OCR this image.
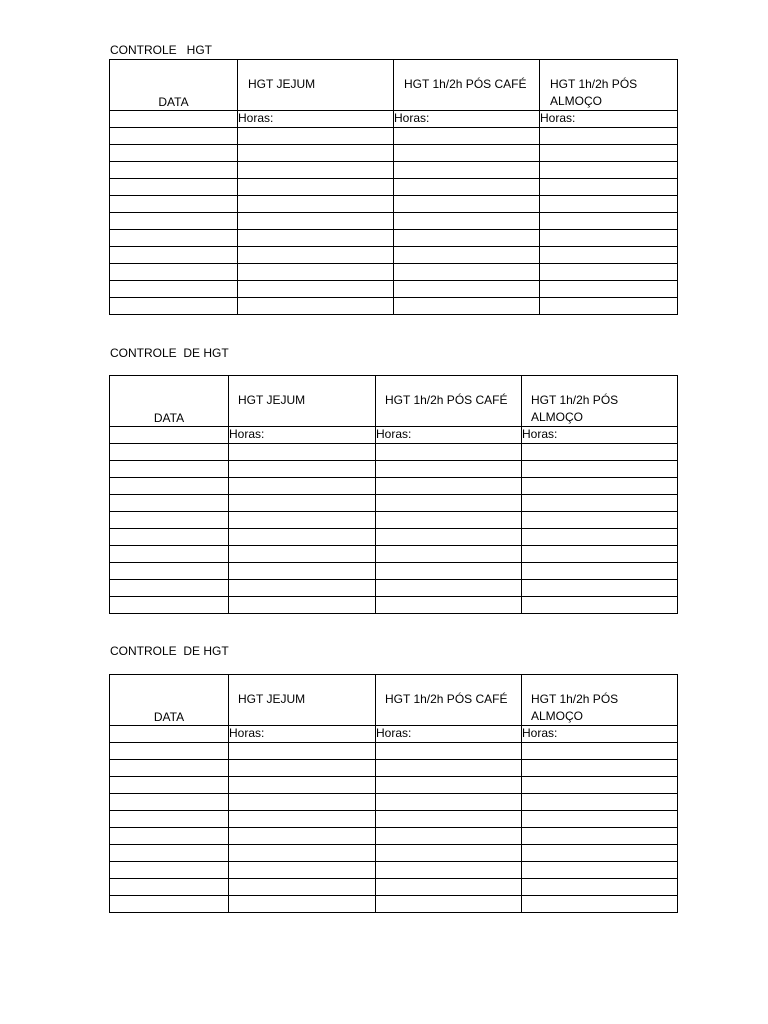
CONTROLE   HGT
DATA	HGT JEJUM	HGT 1h/2h PÓS CAFÉ	HGT 1h/2h PÓS
ALMOÇO

	Horas:	Horas:	Horas:

CONTROLE  DE HGT
DATA	HGT JEJUM	HGT 1h/2h PÓS CAFÉ	HGT 1h/2h PÓS
ALMOÇO

	Horas:	Horas:	Horas:

CONTROLE  DE HGT
DATA	HGT JEJUM	HGT 1h/2h PÓS CAFÉ	HGT 1h/2h PÓS
ALMOÇO

	Horas:	Horas:	Horas:
